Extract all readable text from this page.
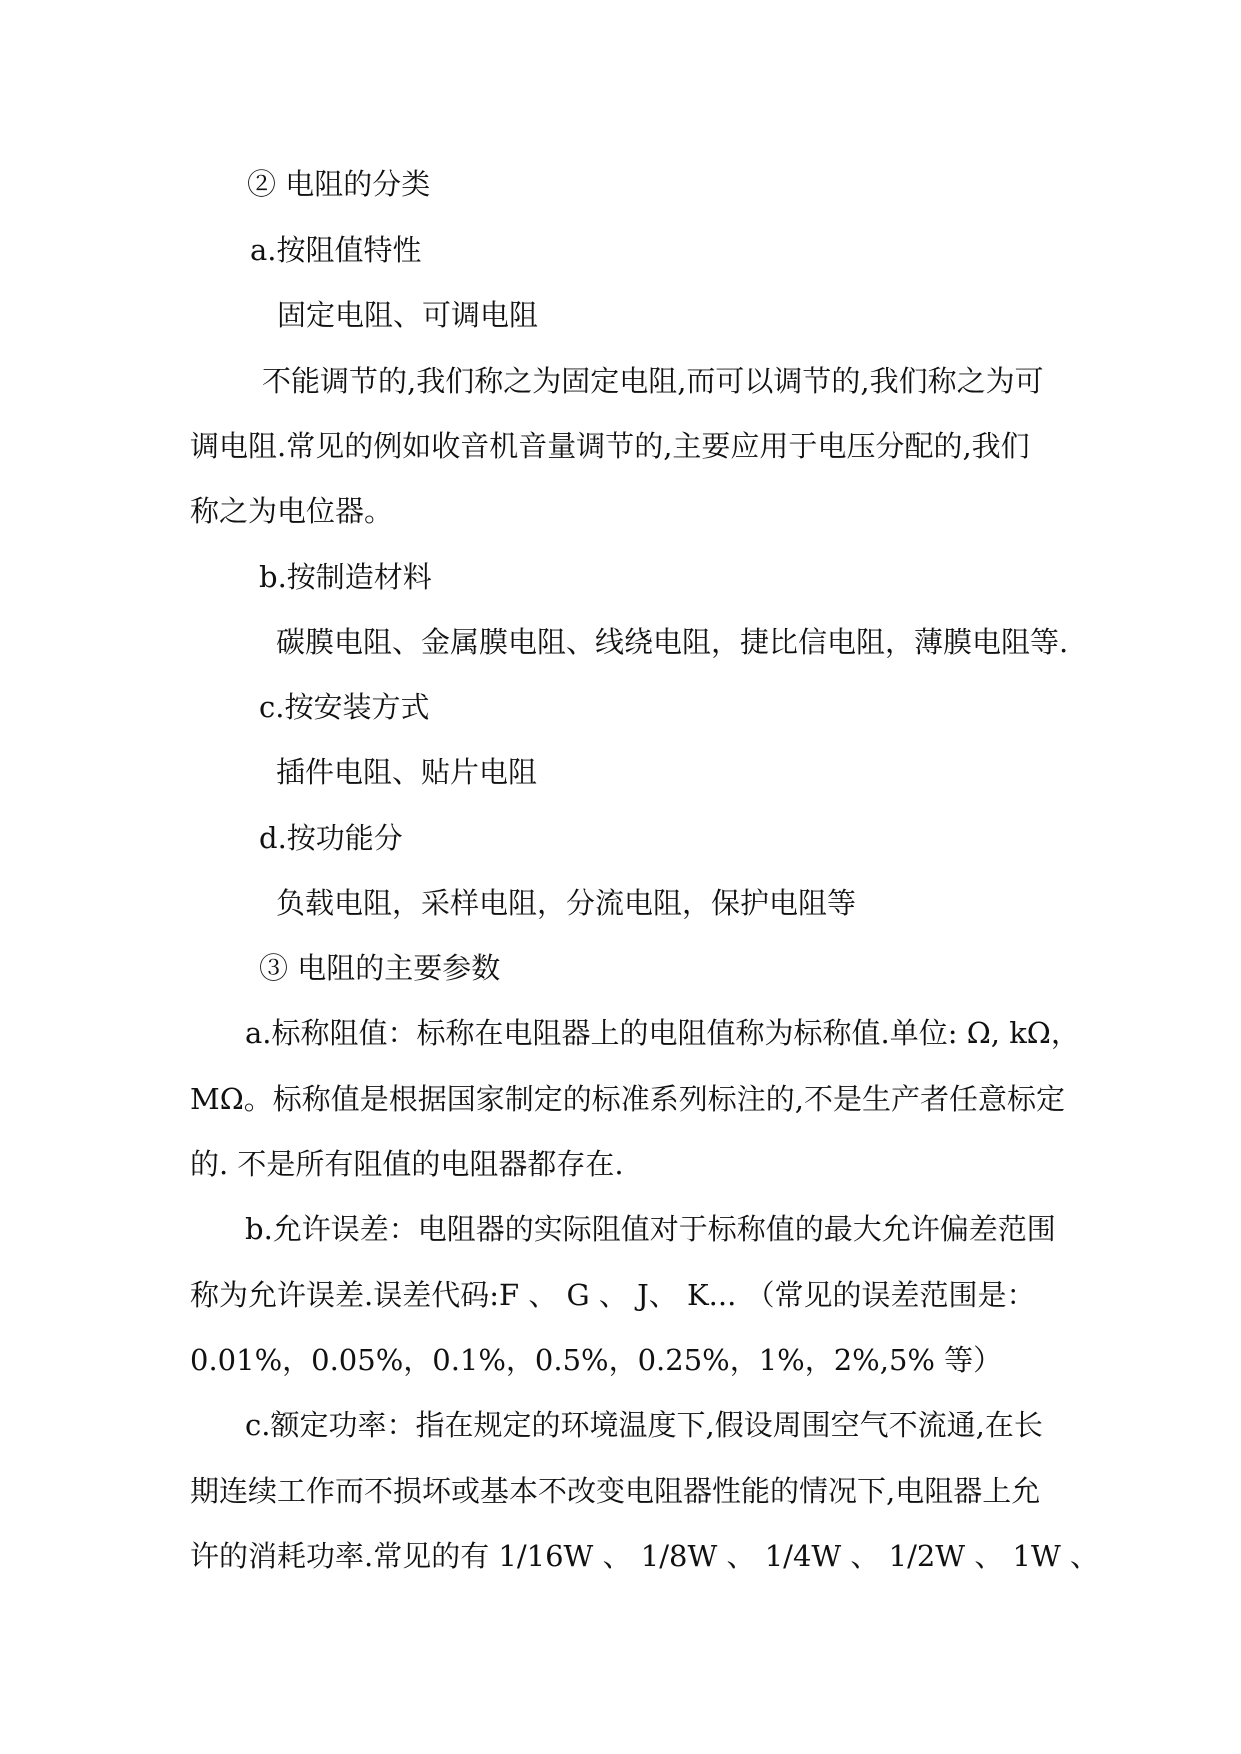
② 电阻的分类

a.按阻值特性

固定电阻、可调电阻

不能调节的,我们称之为固定电阻,而可以调节的,我们称之为可

调电阻.常见的例如收音机音量调节的,主要应用于电压分配的,我们

称之为电位器。

b.按制造材料

碳膜电阻、金属膜电阻、线绕电阻，捷比信电阻，薄膜电阻等.

c.按安装方式

插件电阻、贴片电阻

d.按功能分

负载电阻，采样电阻，分流电阻，保护电阻等

③ 电阻的主要参数

a.标称阻值：标称在电阻器上的电阻值称为标称值.单位: Ω, kΩ，

MΩ。标称值是根据国家制定的标准系列标注的,不是生产者任意标定

的. 不是所有阻值的电阻器都存在.

b.允许误差：电阻器的实际阻值对于标称值的最大允许偏差范围

称为允许误差.误差代码:F 、 G 、 J、 K... （常见的误差范围是：

0.01%，0.05%，0.1%，0.5%，0.25%，1%，2%,5% 等）

c.额定功率：指在规定的环境温度下,假设周围空气不流通,在长

期连续工作而不损坏或基本不改变电阻器性能的情况下,电阻器上允

许的消耗功率.常见的有 1/16W 、 1/8W 、 1/4W 、 1/2W 、 1W 、
